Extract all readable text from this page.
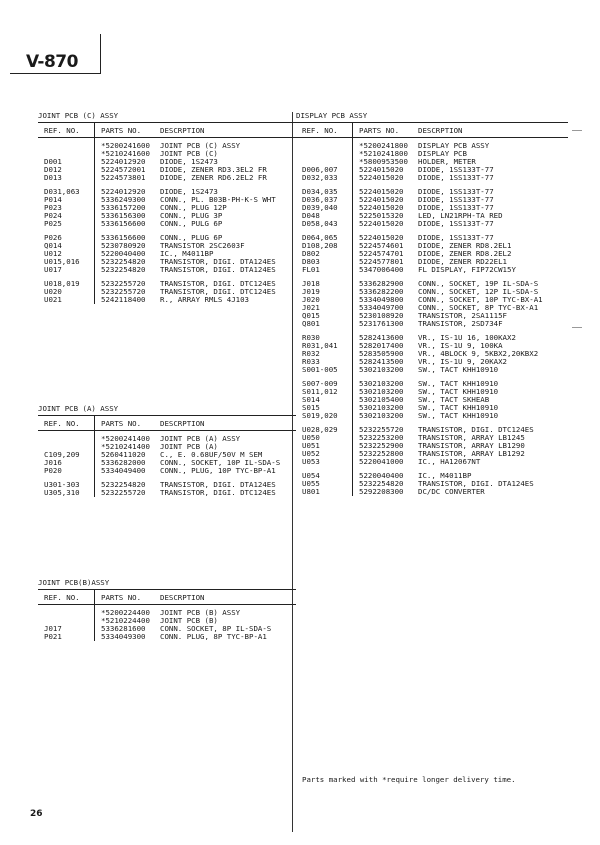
V-870
JOINT PCB (C) ASSY
REF. NO.	PARTS NO.	DESCRPTION
	*5200241600	JOINT PCB (C) ASSY
	*5210241600	JOINT PCB (C)
D001	5224012920	DIODE, 1S2473
D012	5224572001	DIODE, ZENER RD3.3EL2 FR
D013	5224573801	DIODE, ZENER RD6.2EL2 FR
D031,063	5224012920	DIODE, 1S2473
P014	5336249300	CONN., PL. B03B-PH-K-S WHT
P023	5336157200	CONN., PLUG 12P
P024	5336156300	CONN., PLUG 3P
P025	5336156600	CONN., PULG 6P
P026	5336156600	CONN., PLUG 6P
Q014	5230780920	TRANSISTOR 2SC2603F
U012	5220040400	IC., M4011BP
U015,016	5232254820	TRANSISTOR, DIGI. DTA124ES
U017	5232254820	TRANSISTOR, DIGI. DTA124ES
U018,019	5232255720	TRANSISTOR, DIGI. DTC124ES
U020	5232255720	TRANSISTOR, DIGI. DTC124ES
U021	5242118400	R., ARRAY RMLS 4J103
JOINT PCB (A) ASSY
REF. NO.	PARTS NO.	DESCRPTION
	*5200241400	JOINT PCB (A) ASSY
	*5210241400	JOINT PCB (A)
C109,209	5260411020	C., E. 0.68UF/50V M SEM
J016	5336282000	CONN., SOCKET, 10P IL-SDA-S
P020	5334049400	CONN., PLUG, 10P TYC-BP-A1
U301-303	5232254820	TRANSISTOR, DIGI. DTA124ES
U305,310	5232255720	TRANSISTOR, DIGI. DTC124ES
JOINT PCB(B)ASSY
REF. NO.	PARTS NO.	DESCRPTION
	*5200224400	JOINT PCB (B) ASSY
	*5210224400	JOINT PCB (B)
J017	5336281600	CONN. SOCKET, 8P IL-SDA-S
P021	5334049300	CONN. PLUG, 8P TYC-BP-A1
DISPLAY PCB ASSY
REF. NO.	PARTS NO.	DESCRPTION
	*5200241800	DISPLAY PCB ASSY
	*5210241800	DISPLAY PCB
	*5800953500	HOLDER, METER
D006,007	5224015020	DIODE, 1SS133T-77
D032,033	5224015020	DIODE, 1SS133T-77
D034,035	5224015020	DIODE, 1SS133T-77
D036,037	5224015020	DIODE, 1SS133T-77
D039,040	5224015020	DIODE, 1SS133T-77
D048	5225015320	LED, LN21RPH-TA RED
D058,043	5224015020	DIODE, 1SS133T-77
D064,065	5224015020	DIODE, 1SS133T-77
D108,208	5224574601	DIODE, ZENER RD8.2EL1
D802	5224574701	DIODE, ZENER RD8.2EL2
D803	5224577801	DIODE, ZENER RD22EL1
FL01	5347006400	FL DISPLAY, FIP72CW15Y
J018	5336282900	CONN., SOCKET, 19P IL-SDA-S
J019	5336282200	CONN., SOCKET, 12P IL-SDA-S
J020	5334049800	CONN., SOCKET, 10P TYC-BX-A1
J021	5334049700	CONN., SOCKET, 8P TYC-BX-A1
Q015	5230108920	TRANSISTOR, 2SA1115F
Q801	5231761300	TRANSISTOR, 2SD734F
R030	5282413600	VR., IS-1U 16, 100KAX2
R031,041	5282017400	VR., IS-1U 9, 100KA
R032	5283505900	VR., 4BLOCK 9, 5KBX2,20KBX2
R033	5282413500	VR., IS-1U 9, 20KAX2
S001-005	5302103200	SW., TACT KHH10910
S007-009	5302103200	SW., TACT KHH10910
S011,012	5302103200	SW., TACT KHH10910
S014	5302105400	SW., TACT SKHEAB
S015	5302103200	SW., TACT KHH10910
S019,020	5302103200	SW., TACT KHH10910
U028,029	5232255720	TRANSISTOR, DIGI. DTC124ES
U050	5232253200	TRANSISTOR, ARRAY LB1245
U051	5232252900	TRANSISTOR, ARRAY LB1290
U052	5232252800	TRANSISTOR, ARRAY LB1292
U053	5220041000	IC., HA12067NT
U054	5220040400	IC., M4011BP
U055	5232254820	TRANSISTOR, DIGI. DTA124ES
U801	5292208300	DC/DC CONVERTER
Parts marked with *require longer delivery time.
26
